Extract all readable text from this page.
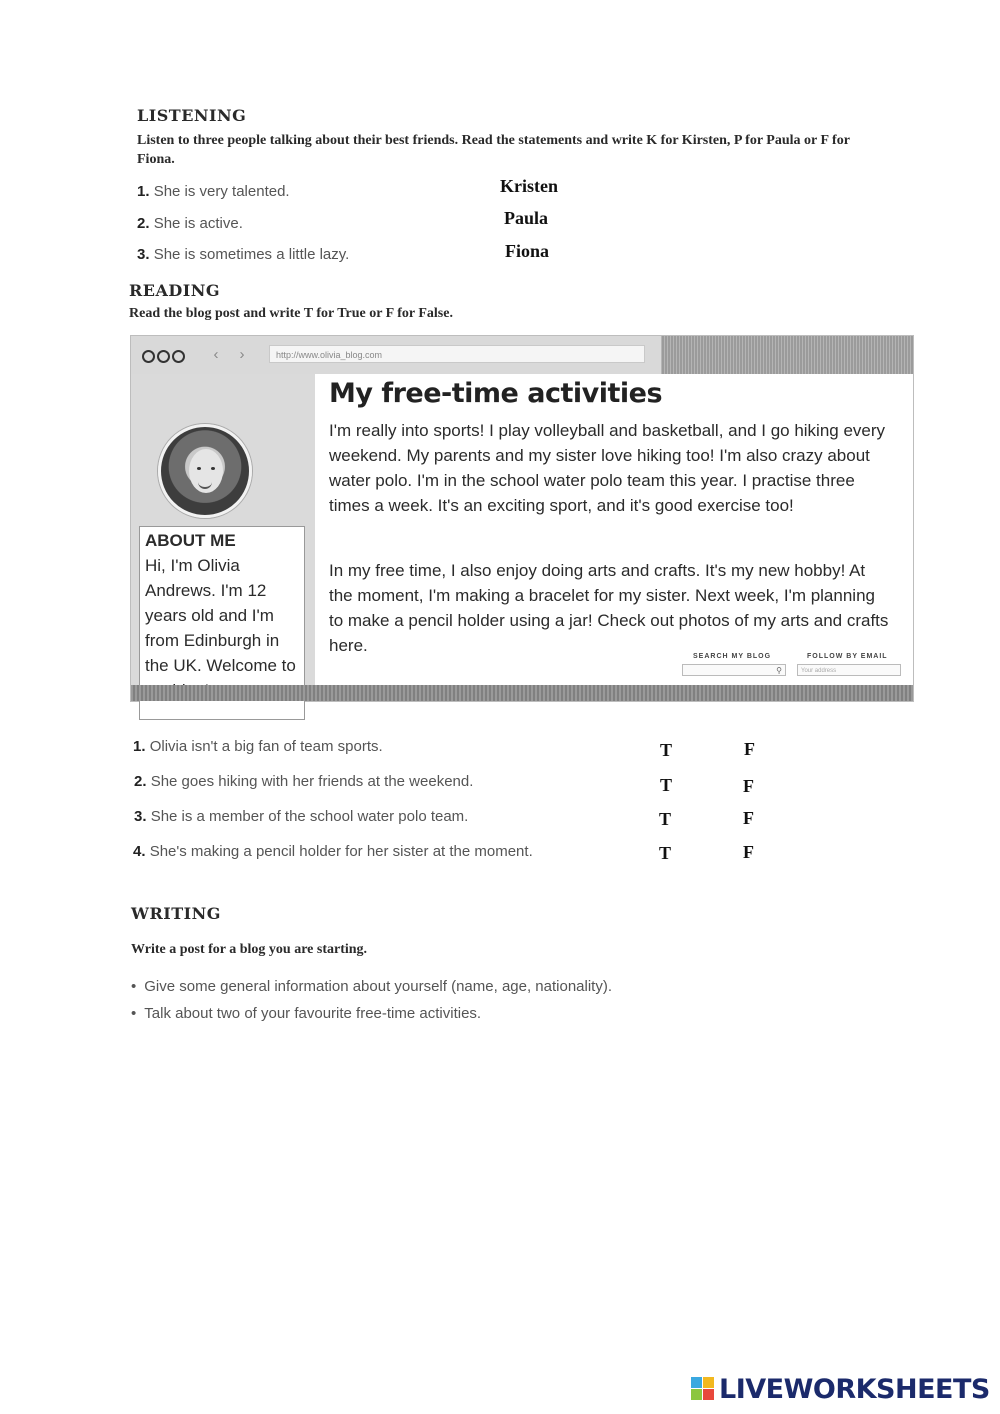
LISTENING
Listen to three people talking about their best friends. Read the statements and write K for Kirsten, P for Paula or F for Fiona.
1. She is very talented.	Kristen
2. She is active.	Paula
3. She is sometimes a little lazy.	Fiona
READING
Read the blog post and write T for True or F for False.
‹	›	http://www.olivia_blog.com
ABOUT ME
Hi, I'm Olivia Andrews. I'm 12 years old and I'm from Edinburgh in the UK. Welcome to
My free-time activities
I'm really into sports! I play volleyball and basketball, and I go hiking every weekend. My parents and my sister love hiking too! I'm also crazy about water polo. I'm in the school water polo team this year. I practise three times a week. It's an exciting sport, and it's good exercise too!
In my free time, I also enjoy doing arts and crafts. It's my new hobby! At the moment, I'm making a bracelet for my sister. Next week, I'm planning to make a pencil holder using a jar! Check out photos of my arts and crafts here.
SEARCH MY BLOG
⚲
FOLLOW BY EMAIL
Your address
1. Olivia isn't a big fan of team sports.	T	F
2. She goes hiking with her friends at the weekend.	T	F
3. She is a member of the school water polo team.	T	F
4. She's making a pencil holder for her sister at the moment.	T	F
WRITING
Write a post for a blog you are starting.
• Give some general information about yourself (name, age, nationality).
• Talk about two of your favourite free-time activities.
LIVEWORKSHEETS
